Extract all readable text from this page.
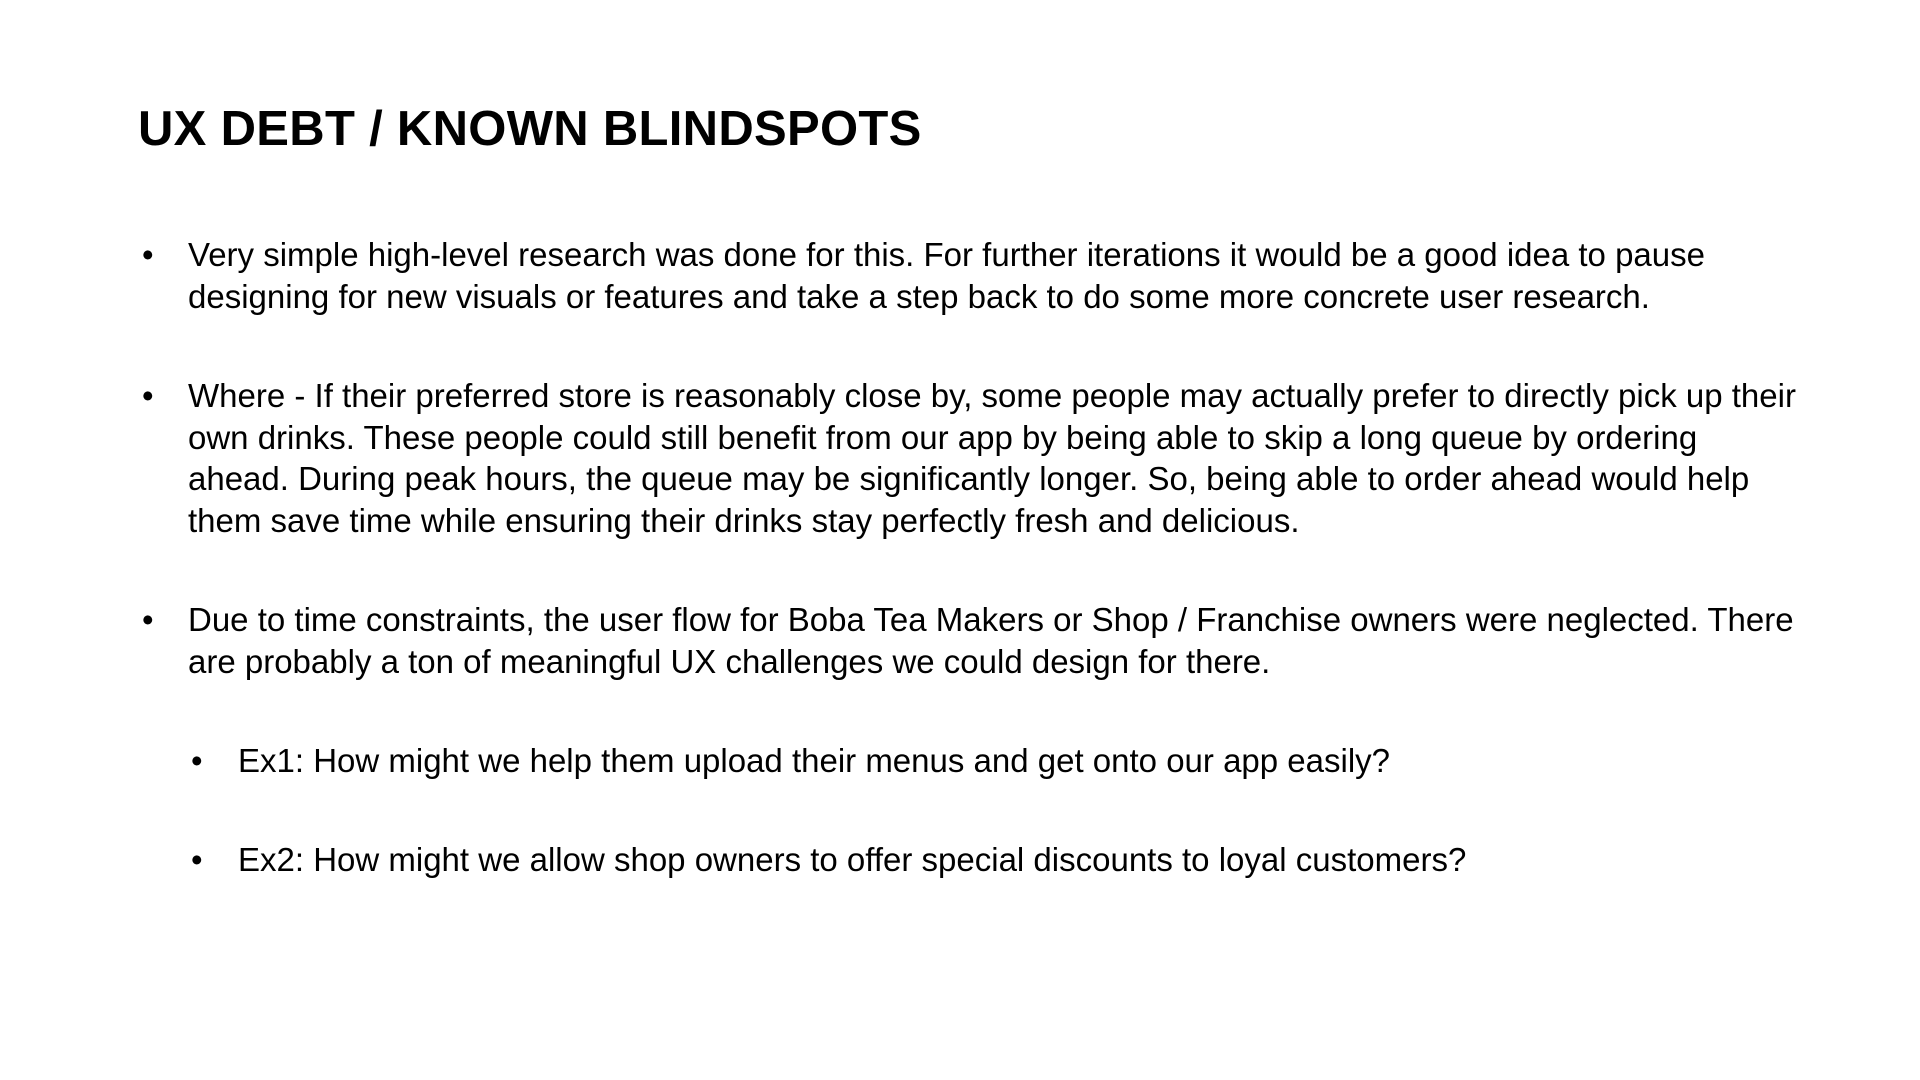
UX DEBT / KNOWN BLINDSPOTS
• Very simple high-level research was done for this. For further iterations it would be a good idea to pause designing for new visuals or features and take a step back to do some more concrete user research.
• Where - If their preferred store is reasonably close by, some people may actually prefer to directly pick up their own drinks. These people could still benefit from our app by being able to skip a long queue by ordering ahead. During peak hours, the queue may be significantly longer. So, being able to order ahead would help them save time while ensuring their drinks stay perfectly fresh and delicious.
• Due to time constraints, the user flow for Boba Tea Makers or Shop / Franchise owners were neglected. There are probably a ton of meaningful UX challenges we could design for there.
• Ex1: How might we help them upload their menus and get onto our app easily?
• Ex2: How might we allow shop owners to offer special discounts to loyal customers?
